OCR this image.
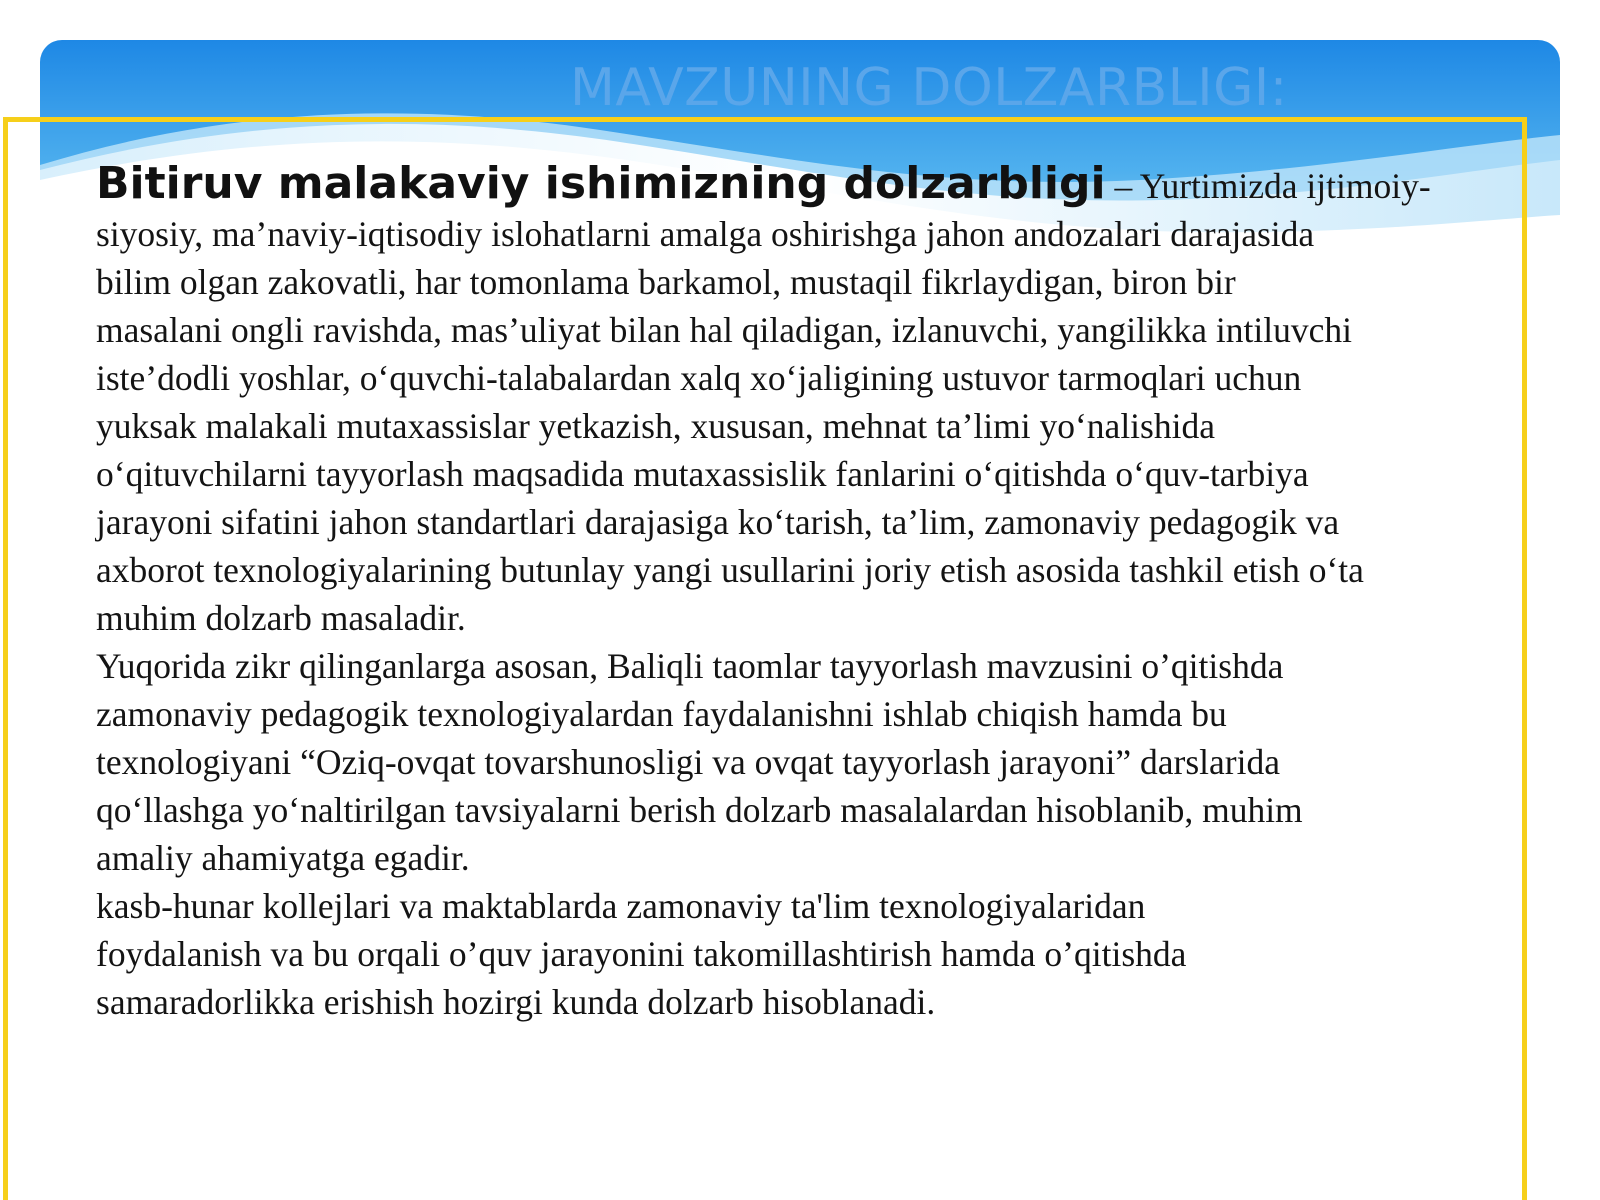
MAVZUNING DOLZARBLIGI:

Bitiruv malakaviy ishimizning dolzarbligi – Yurtimizda ijtimoiy-
siyosiy, ma’naviy-iqtisodiy islohatlarni amalga oshirishga jahon andozalari darajasida
bilim olgan zakovatli, har tomonlama barkamol, mustaqil fikrlaydigan, biron bir
masalani ongli ravishda, mas’uliyat bilan hal qiladigan, izlanuvchi, yangilikka intiluvchi
iste’dodli yoshlar, o‘quvchi-talabalardan xalq xo‘jaligining ustuvor tarmoqlari uchun
yuksak malakali mutaxassislar yetkazish, xususan, mehnat ta’limi yo‘nalishida
o‘qituvchilarni tayyorlash maqsadida mutaxassislik fanlarini o‘qitishda o‘quv-tarbiya
jarayoni sifatini jahon standartlari darajasiga ko‘tarish, ta’lim, zamonaviy pedagogik va
axborot texnologiyalarining butunlay yangi usullarini joriy etish asosida tashkil etish o‘ta
muhim dolzarb masaladir.

Yuqorida zikr qilinganlarga asosan, Baliqli taomlar tayyorlash mavzusini o’qitishda
zamonaviy pedagogik texnologiyalardan faydalanishni ishlab chiqish hamda bu
texnologiyani “Oziq-ovqat tovarshunosligi va ovqat tayyorlash jarayoni” darslarida
qo‘llashga yo‘naltirilgan tavsiyalarni berish dolzarb masalalardan hisoblanib, muhim
amaliy ahamiyatga egadir.

kasb-hunar kollejlari va maktablarda zamonaviy ta'lim texnologiyalaridan
foydalanish va bu orqali o’quv jarayonini takomillashtirish hamda o’qitishda
samaradorlikka erishish hozirgi kunda dolzarb hisoblanadi.
